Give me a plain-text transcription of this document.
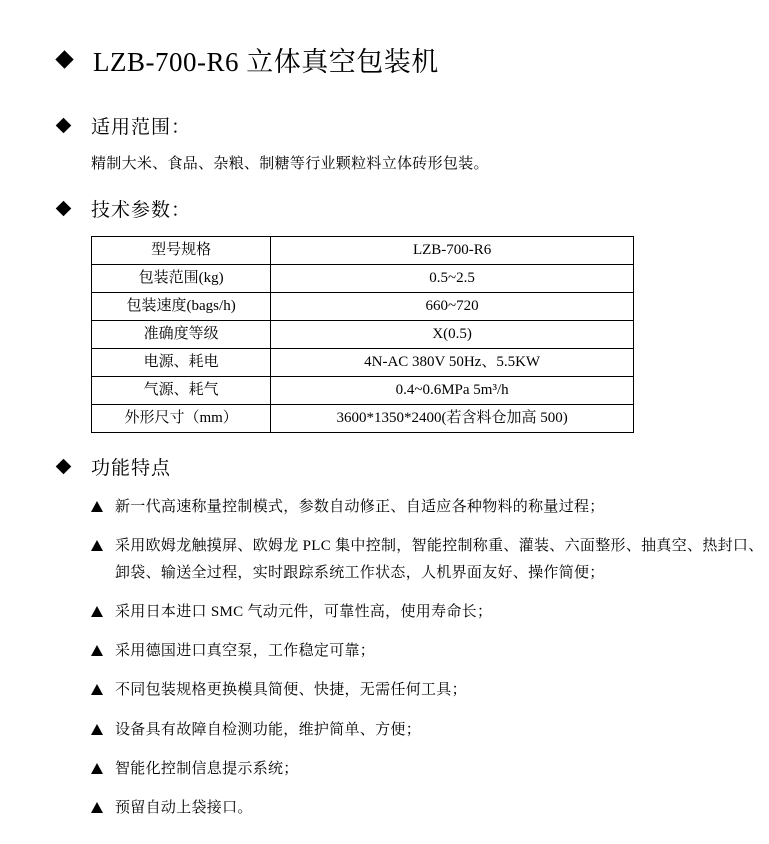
LZB-700-R6 立体真空包装机
适用范围：
精制大米、食品、杂粮、制糖等行业颗粒料立体砖形包装。
技术参数：
型号规格	LZB-700-R6
包装范围(kg)	0.5~2.5
包装速度(bags/h)	660~720
准确度等级	X(0.5)
电源、耗电	4N-AC 380V 50Hz、5.5KW
气源、耗气	0.4~0.6MPa 5m³/h
外形尺寸（mm）	3600*1350*2400(若含料仓加高 500)
功能特点
新一代高速称量控制模式，参数自动修正、自适应各种物料的称量过程；
采用欧姆龙触摸屏、欧姆龙 PLC 集中控制，智能控制称重、灌装、六面整形、抽真空、热封口、卸袋、输送全过程，实时跟踪系统工作状态，人机界面友好、操作简便；
采用日本进口 SMC 气动元件，可靠性高，使用寿命长；
采用德国进口真空泵，工作稳定可靠；
不同包装规格更换模具简便、快捷，无需任何工具；
设备具有故障自检测功能，维护简单、方便；
智能化控制信息提示系统；
预留自动上袋接口。
